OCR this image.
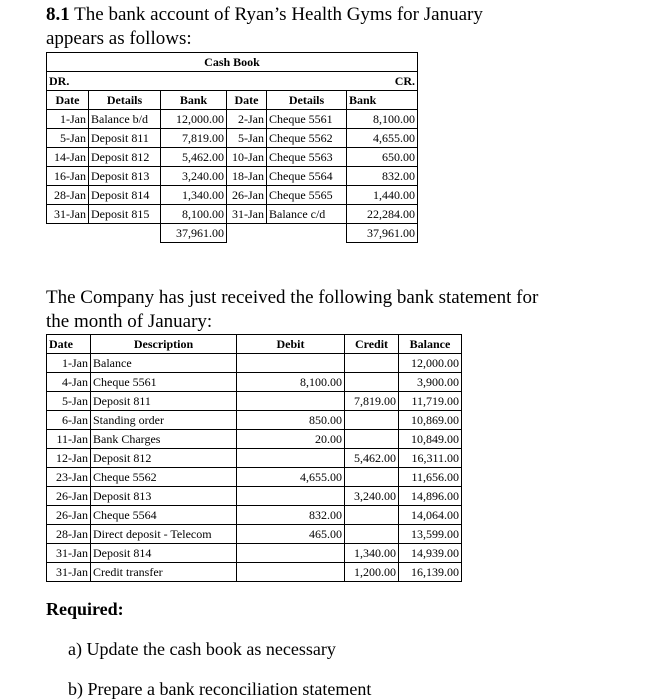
8.1 The bank account of Ryan’s Health Gyms for January
appears as follows:
Cash Book					
DR.			CR.		
Date	Details	Bank	Date	Details	Bank
1-Jan	Balance b/d	12,000.00	2-Jan	Cheque 5561	8,100.00
5-Jan	Deposit 811	7,819.00	5-Jan	Cheque 5562	4,655.00
14-Jan	Deposit 812	5,462.00	10-Jan	Cheque 5563	650.00
16-Jan	Deposit 813	3,240.00	18-Jan	Cheque 5564	832.00
28-Jan	Deposit 814	1,340.00	26-Jan	Cheque 5565	1,440.00
31-Jan	Deposit 815	8,100.00	31-Jan	Balance c/d	22,284.00
		37,961.00			37,961.00
The Company has just received the following bank statement for
the month of January:
Date	Description	Debit	Credit	Balance
1-Jan	Balance			12,000.00
4-Jan	Cheque 5561	8,100.00		3,900.00
5-Jan	Deposit 811		7,819.00	11,719.00
6-Jan	Standing order	850.00		10,869.00
11-Jan	Bank Charges	20.00		10,849.00
12-Jan	Deposit 812		5,462.00	16,311.00
23-Jan	Cheque 5562	4,655.00		11,656.00
26-Jan	Deposit 813		3,240.00	14,896.00
26-Jan	Cheque 5564	832.00		14,064.00
28-Jan	Direct deposit - Telecom	465.00		13,599.00
31-Jan	Deposit 814		1,340.00	14,939.00
31-Jan	Credit transfer		1,200.00	16,139.00
Required:
a) Update the cash book as necessary
b) Prepare a bank reconciliation statement
